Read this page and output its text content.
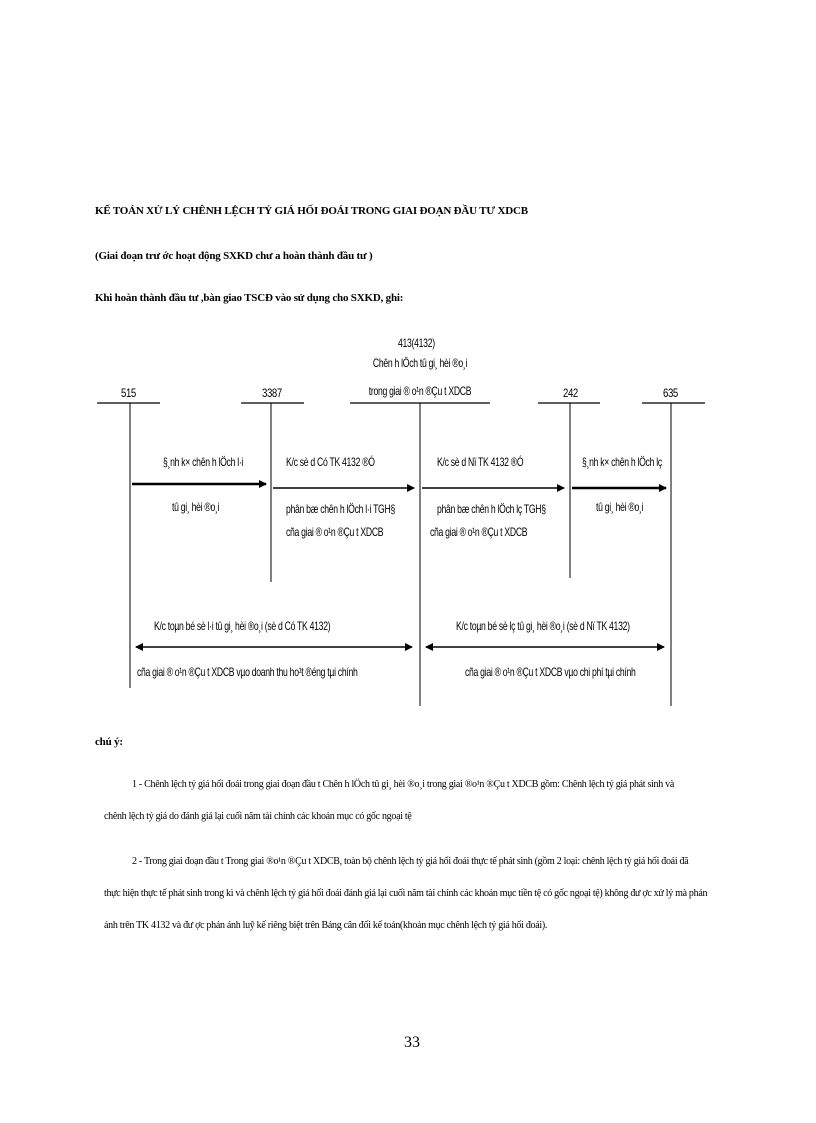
KẾ TOÁN XỬ LÝ CHÊNH LỆCH TỶ GIÁ HỐI ĐOÁI TRONG GIAI ĐOẠN ĐẦU TƯ XDCB
(Giai đoạn trư ớc hoạt động SXKD chư a hoàn thành đầu tư )
Khi hoàn thành đầu tư ,bàn giao TSCĐ vào sử dụng cho SXKD, ghi:
413(4132)
Chên h lÖch tû gi¸ hèi ®o¸i
trong giai ® o¹n ®Çu t XDCB
515	3387	242	635
§¸nh k× chên h lÖch l·i
tû gi¸ hèi ®o¸i
K/c sè d Có TK 4132 ®Ó
phân bæ chên h lÖch l·i TGH§
cña giai ® o¹n ®Çu t XDCB
K/c sè d Nï TK 4132 ®Ó
phân bæ chên h lÖch lç TGH§
cña giai ® o¹n ®Çu t XDCB
§¸nh k× chên h lÖch lç
tû gi¸ hèi ®o¸i
K/c toµn bé sè l·i tû gi¸ hèi ®o¸i (sè d Có TK 4132)
cña giai ® o¹n ®Çu t XDCB vµo doanh thu ho¹t ®éng tµi chính
K/c toµn bé sè lç tû gi¸ hèi ®o¸i (sè d Nï TK 4132)
cña giai ® o¹n ®Çu t XDCB vµo chi phí tµi chính
chú ý:
1 - Chênh lệch tỷ giá hối đoái trong giai đoạn đầu t Chên h lÖch tû gi¸ hèi ®o¸i trong giai ®o¹n ®Çu t XDCB gồm: Chênh lệch tỷ giá phát sinh và
chênh lệch tỷ giá do đánh giá lại cuối năm tài chính các khoản mục có gốc ngoại tệ
2 - Trong giai đoạn đầu t Trong giai ®o¹n ®Çu t XDCB, toàn bộ chênh lệch tỷ giá hối đoái thực tế phát sinh (gồm 2 loại: chênh lệch tỷ giá hối đoái đã
thực hiện thực tế phát sinh trong kì và chênh lệch tỷ giá hối đoái đánh giá lại cuối năm tài chính các khoản mục tiền tệ có gốc ngoại tệ) không đư ợc xử lý mà phản
ánh trên TK 4132 và đư ợc phản ánh luỹ kế riêng biệt trên Bảng cân đối kế toán(khoản mục chênh lệch tỷ giá hối đoái).
33
